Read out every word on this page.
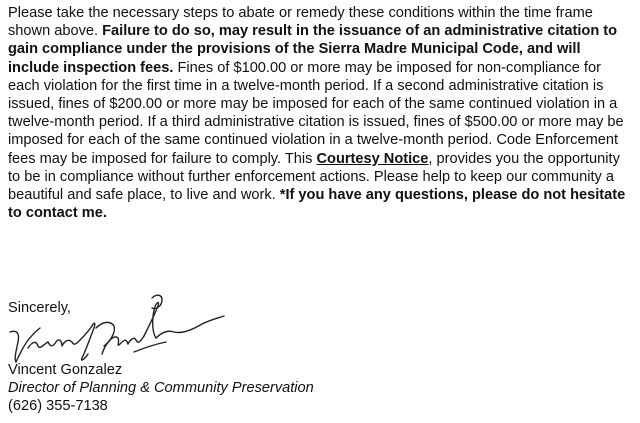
Please take the necessary steps to abate or remedy these conditions within the time frame shown above. Failure to do so, may result in the issuance of an administrative citation to gain compliance under the provisions of the Sierra Madre Municipal Code, and will include inspection fees. Fines of $100.00 or more may be imposed for non-compliance for each violation for the first time in a twelve-month period. If a second administrative citation is issued, fines of $200.00 or more may be imposed for each of the same continued violation in a twelve-month period. If a third administrative citation is issued, fines of $500.00 or more may be imposed for each of the same continued violation in a twelve-month period. Code Enforcement fees may be imposed for failure to comply. This Courtesy Notice, provides you the opportunity to be in compliance without further enforcement actions. Please help to keep our community a beautiful and safe place, to live and work. *If you have any questions, please do not hesitate to contact me.
Sincerely,
Vincent Gonzalez
Director of Planning & Community Preservation
(626) 355-7138
